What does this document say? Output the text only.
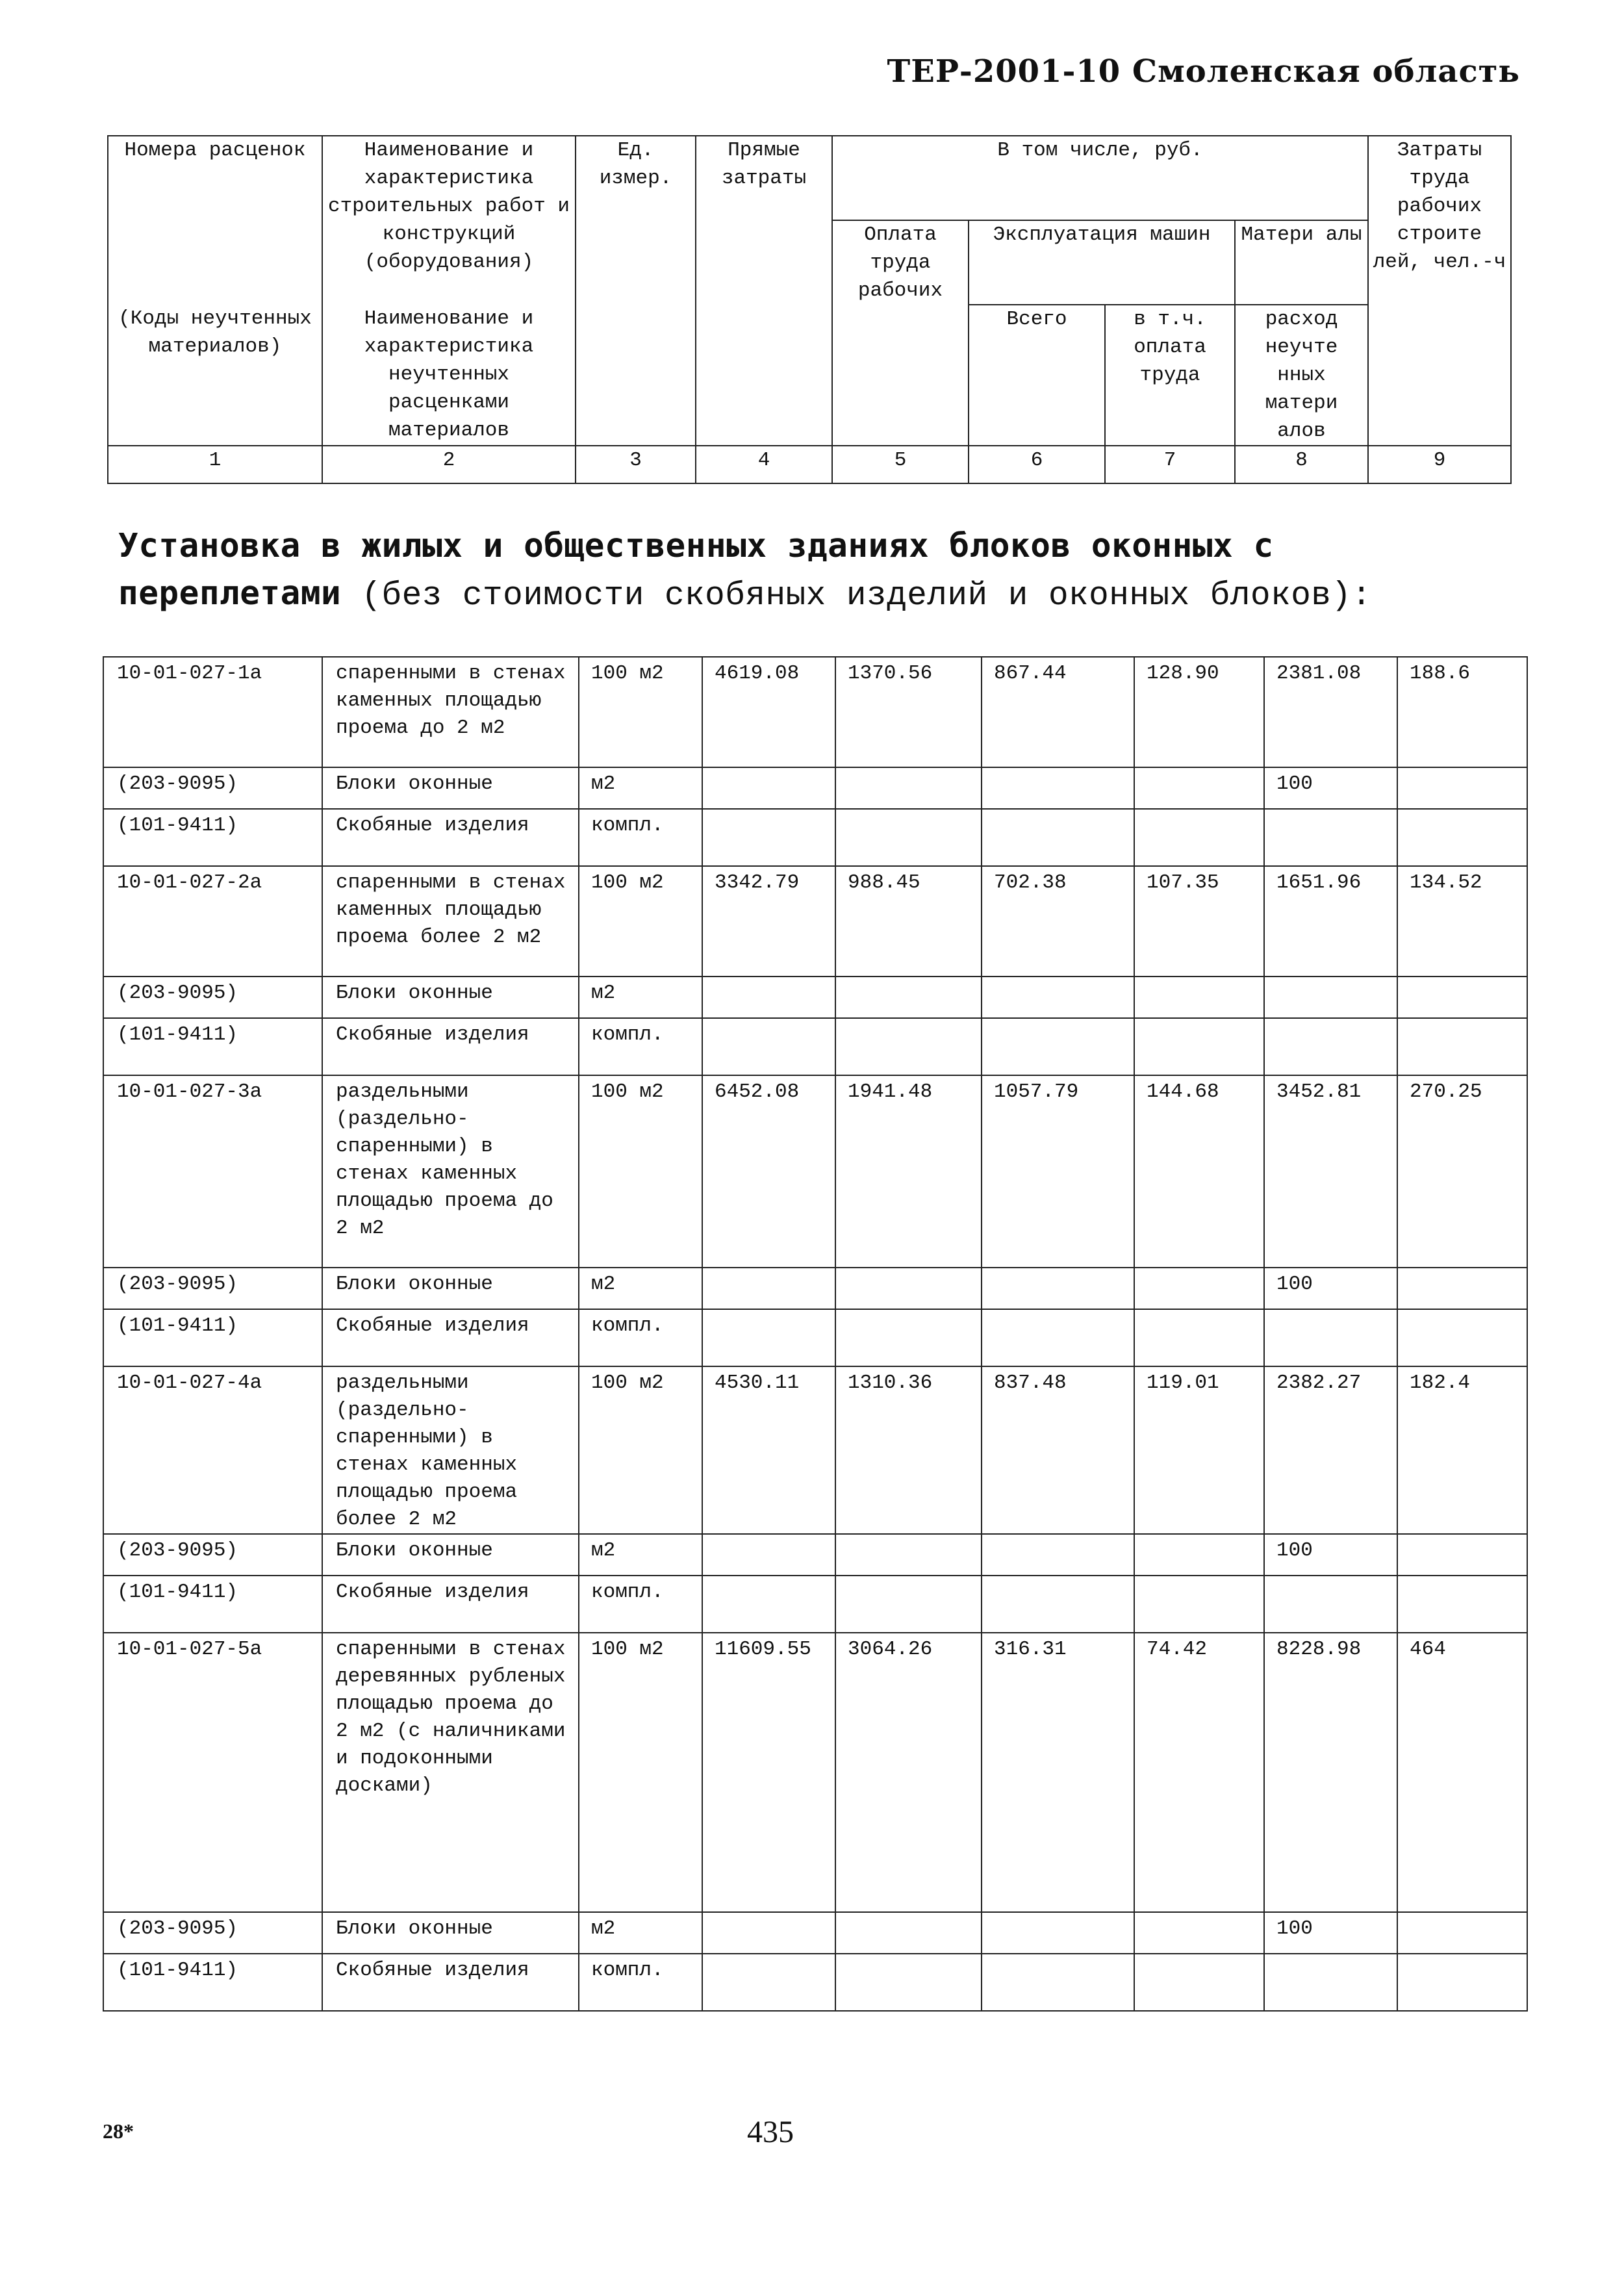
ТЕР-2001-10 Смоленская область
Номера расценок	Наименование и характеристика строительных работ и конструкций (оборудования)	Ед. измер.	Прямые затраты	В том числе, руб.				Затраты труда рабочих строите лей, чел.-ч
				Оплата труда рабочих	Эксплуатация машин		Матери алы	
(Коды неучтенных материалов)	Наименование и характеристика неучтенных расценками материалов				Всего	в т.ч. оплата труда	расход неучте нных матери алов	
1	2	3	4	5	6	7	8	9
Установка в жилых и общественных зданиях блоков оконных с переплетами (без стоимости скобяных изделий и оконных блоков):
10-01-027-1а	спаренными в стенах каменных площадью проема до 2 м2	100 м2	4619.08	1370.56	867.44	128.90	2381.08	188.6
(203-9095)	Блоки оконные	м2					100	
(101-9411)	Скобяные изделия	компл.						
10-01-027-2а	спаренными в стенах каменных площадью проема более 2 м2	100 м2	3342.79	988.45	702.38	107.35	1651.96	134.52
(203-9095)	Блоки оконные	м2						
(101-9411)	Скобяные изделия	компл.						
10-01-027-3а	раздельными (раздельно-спаренными) в стенах каменных площадью проема до 2 м2	100 м2	6452.08	1941.48	1057.79	144.68	3452.81	270.25
(203-9095)	Блоки оконные	м2					100	
(101-9411)	Скобяные изделия	компл.						
10-01-027-4а	раздельными (раздельно-спаренными) в стенах каменных площадью проема более 2 м2	100 м2	4530.11	1310.36	837.48	119.01	2382.27	182.4
(203-9095)	Блоки оконные	м2					100	
(101-9411)	Скобяные изделия	компл.						
10-01-027-5а	спаренными в стенах деревянных рубленых площадью проема до 2 м2 (с наличниками и подоконными досками)	100 м2	11609.55	3064.26	316.31	74.42	8228.98	464
(203-9095)	Блоки оконные	м2					100	
(101-9411)	Скобяные изделия	компл.						
28*	435
